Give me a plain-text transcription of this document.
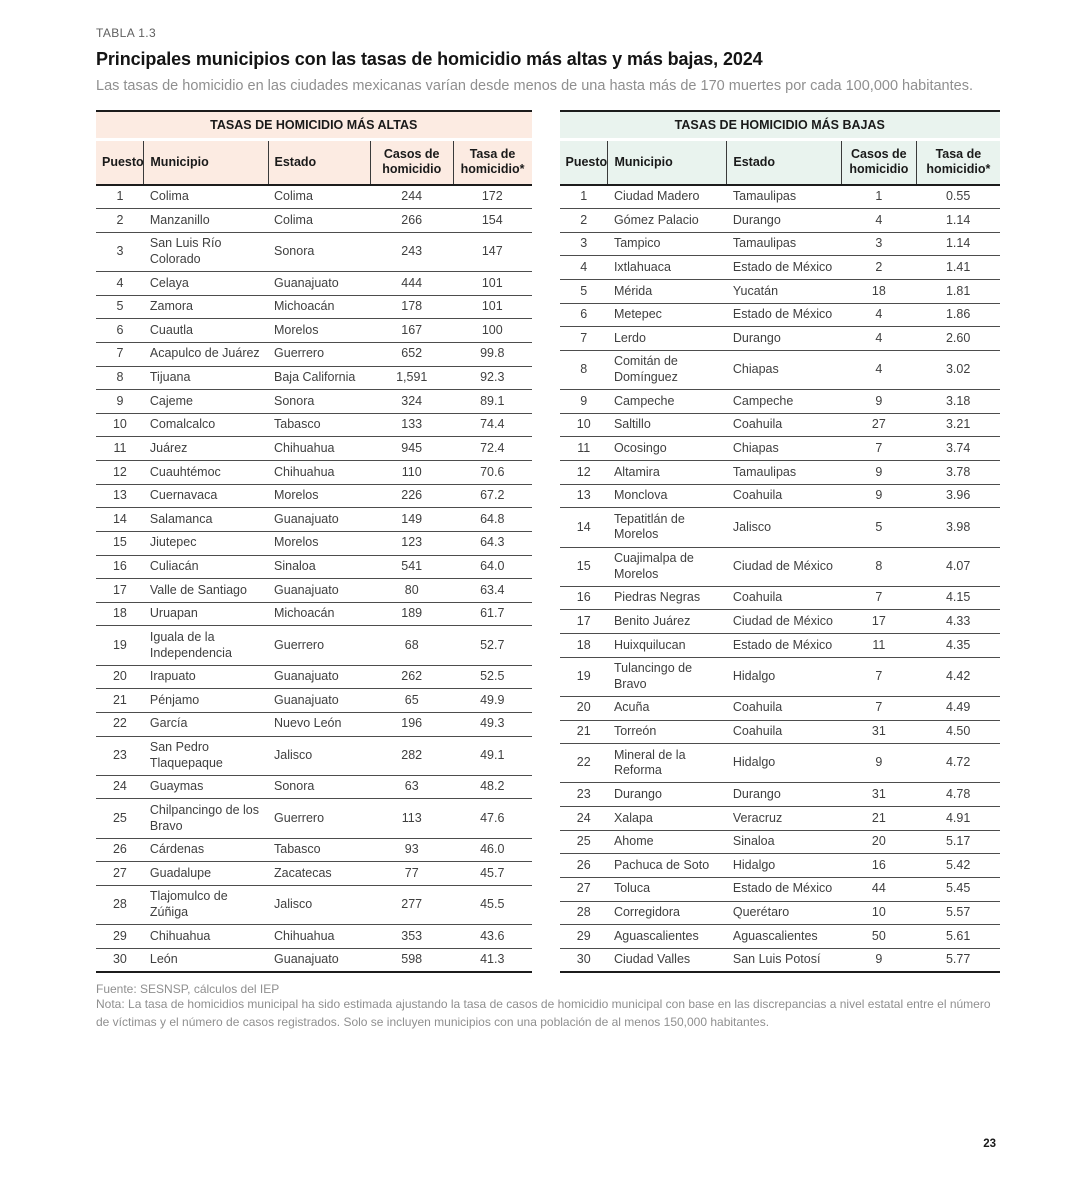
TABLA 1.3
Principales municipios con las tasas de homicidio más altas y más bajas, 2024

Las tasas de homicidio en las ciudades mexicanas varían desde menos de una hasta más de 170 muertes por cada 100,000 habitantes.

TASAS DE HOMICIDIO MÁS ALTAS				
Puesto	Municipio	Estado	Casos de homicidio	Tasa de homicidio*
1	Colima	Colima	244	172
2	Manzanillo	Colima	266	154
3	San Luis Río Colorado	Sonora	243	147
4	Celaya	Guanajuato	444	101
5	Zamora	Michoacán	178	101
6	Cuautla	Morelos	167	100
7	Acapulco de Juárez	Guerrero	652	99.8
8	Tijuana	Baja California	1,591	92.3
9	Cajeme	Sonora	324	89.1
10	Comalcalco	Tabasco	133	74.4
11	Juárez	Chihuahua	945	72.4
12	Cuauhtémoc	Chihuahua	110	70.6
13	Cuernavaca	Morelos	226	67.2
14	Salamanca	Guanajuato	149	64.8
15	Jiutepec	Morelos	123	64.3
16	Culiacán	Sinaloa	541	64.0
17	Valle de Santiago	Guanajuato	80	63.4
18	Uruapan	Michoacán	189	61.7
19	Iguala de la Independencia	Guerrero	68	52.7
20	Irapuato	Guanajuato	262	52.5
21	Pénjamo	Guanajuato	65	49.9
22	García	Nuevo León	196	49.3
23	San Pedro Tlaquepaque	Jalisco	282	49.1
24	Guaymas	Sonora	63	48.2
25	Chilpancingo de los Bravo	Guerrero	113	47.6
26	Cárdenas	Tabasco	93	46.0
27	Guadalupe	Zacatecas	77	45.7
28	Tlajomulco de Zúñiga	Jalisco	277	45.5
29	Chihuahua	Chihuahua	353	43.6
30	León	Guanajuato	598	41.3
TASAS DE HOMICIDIO MÁS BAJAS				
Puesto	Municipio	Estado	Casos de homicidio	Tasa de homicidio*
1	Ciudad Madero	Tamaulipas	1	0.55
2	Gómez Palacio	Durango	4	1.14
3	Tampico	Tamaulipas	3	1.14
4	Ixtlahuaca	Estado de México	2	1.41
5	Mérida	Yucatán	18	1.81
6	Metepec	Estado de México	4	1.86
7	Lerdo	Durango	4	2.60
8	Comitán de Domínguez	Chiapas	4	3.02
9	Campeche	Campeche	9	3.18
10	Saltillo	Coahuila	27	3.21
11	Ocosingo	Chiapas	7	3.74
12	Altamira	Tamaulipas	9	3.78
13	Monclova	Coahuila	9	3.96
14	Tepatitlán de Morelos	Jalisco	5	3.98
15	Cuajimalpa de Morelos	Ciudad de México	8	4.07
16	Piedras Negras	Coahuila	7	4.15
17	Benito Juárez	Ciudad de México	17	4.33
18	Huixquilucan	Estado de México	11	4.35
19	Tulancingo de Bravo	Hidalgo	7	4.42
20	Acuña	Coahuila	7	4.49
21	Torreón	Coahuila	31	4.50
22	Mineral de la Reforma	Hidalgo	9	4.72
23	Durango	Durango	31	4.78
24	Xalapa	Veracruz	21	4.91
25	Ahome	Sinaloa	20	5.17
26	Pachuca de Soto	Hidalgo	16	5.42
27	Toluca	Estado de México	44	5.45
28	Corregidora	Querétaro	10	5.57
29	Aguascalientes	Aguascalientes	50	5.61
30	Ciudad Valles	San Luis Potosí	9	5.77
Fuente: SESNSP, cálculos del IEP
Nota: La tasa de homicidios municipal ha sido estimada ajustando la tasa de casos de homicidio municipal con base en las discrepancias a nivel estatal entre el número de víctimas y el número de casos registrados. Solo se incluyen municipios con una población de al menos 150,000 habitantes.
23
